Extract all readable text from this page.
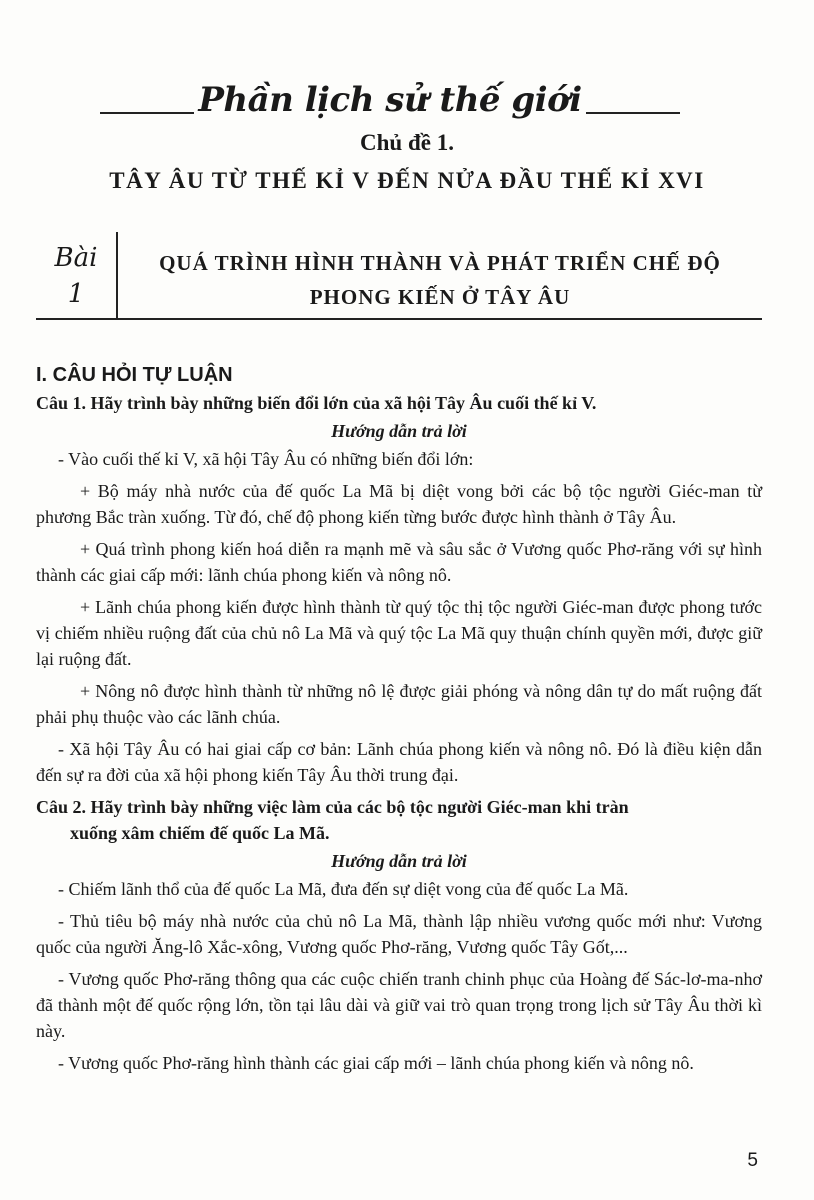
Phần lịch sử thế giới
Chủ đề 1.
TÂY ÂU TỪ THẾ KỈ V ĐẾN NỬA ĐẦU THẾ KỈ XVI
Bài
1
QUÁ TRÌNH HÌNH THÀNH VÀ PHÁT TRIỂN CHẾ ĐỘ
PHONG KIẾN Ở TÂY ÂU
I. CÂU HỎI TỰ LUẬN
Câu 1. Hãy trình bày những biến đổi lớn của xã hội Tây Âu cuối thế kỉ V.
Hướng dẫn trả lời

- Vào cuối thế kỉ V, xã hội Tây Âu có những biến đổi lớn:

+ Bộ máy nhà nước của đế quốc La Mã bị diệt vong bởi các bộ tộc người Giéc-man từ phương Bắc tràn xuống. Từ đó, chế độ phong kiến từng bước được hình thành ở Tây Âu.

+ Quá trình phong kiến hoá diễn ra mạnh mẽ và sâu sắc ở Vương quốc Phơ-răng với sự hình thành các giai cấp mới: lãnh chúa phong kiến và nông nô.

+ Lãnh chúa phong kiến được hình thành từ quý tộc thị tộc người Giéc-man được phong tước vị chiếm nhiều ruộng đất của chủ nô La Mã và quý tộc La Mã quy thuận chính quyền mới, được giữ lại ruộng đất.

+ Nông nô được hình thành từ những nô lệ được giải phóng và nông dân tự do mất ruộng đất phải phụ thuộc vào các lãnh chúa.

- Xã hội Tây Âu có hai giai cấp cơ bản: Lãnh chúa phong kiến và nông nô. Đó là điều kiện dẫn đến sự ra đời của xã hội phong kiến Tây Âu thời trung đại.

Câu 2. Hãy trình bày những việc làm của các bộ tộc người Giéc-man khi tràn
xuống xâm chiếm đế quốc La Mã.
Hướng dẫn trả lời

- Chiếm lãnh thổ của đế quốc La Mã, đưa đến sự diệt vong của đế quốc La Mã.

- Thủ tiêu bộ máy nhà nước của chủ nô La Mã, thành lập nhiều vương quốc mới như: Vương quốc của người Ăng-lô Xắc-xông, Vương quốc Phơ-răng, Vương quốc Tây Gốt,...

- Vương quốc Phơ-răng thông qua các cuộc chiến tranh chinh phục của Hoàng đế Sác-lơ-ma-nhơ đã thành một đế quốc rộng lớn, tồn tại lâu dài và giữ vai trò quan trọng trong lịch sử Tây Âu thời kì này.

- Vương quốc Phơ-răng hình thành các giai cấp mới – lãnh chúa phong kiến và nông nô.

5
